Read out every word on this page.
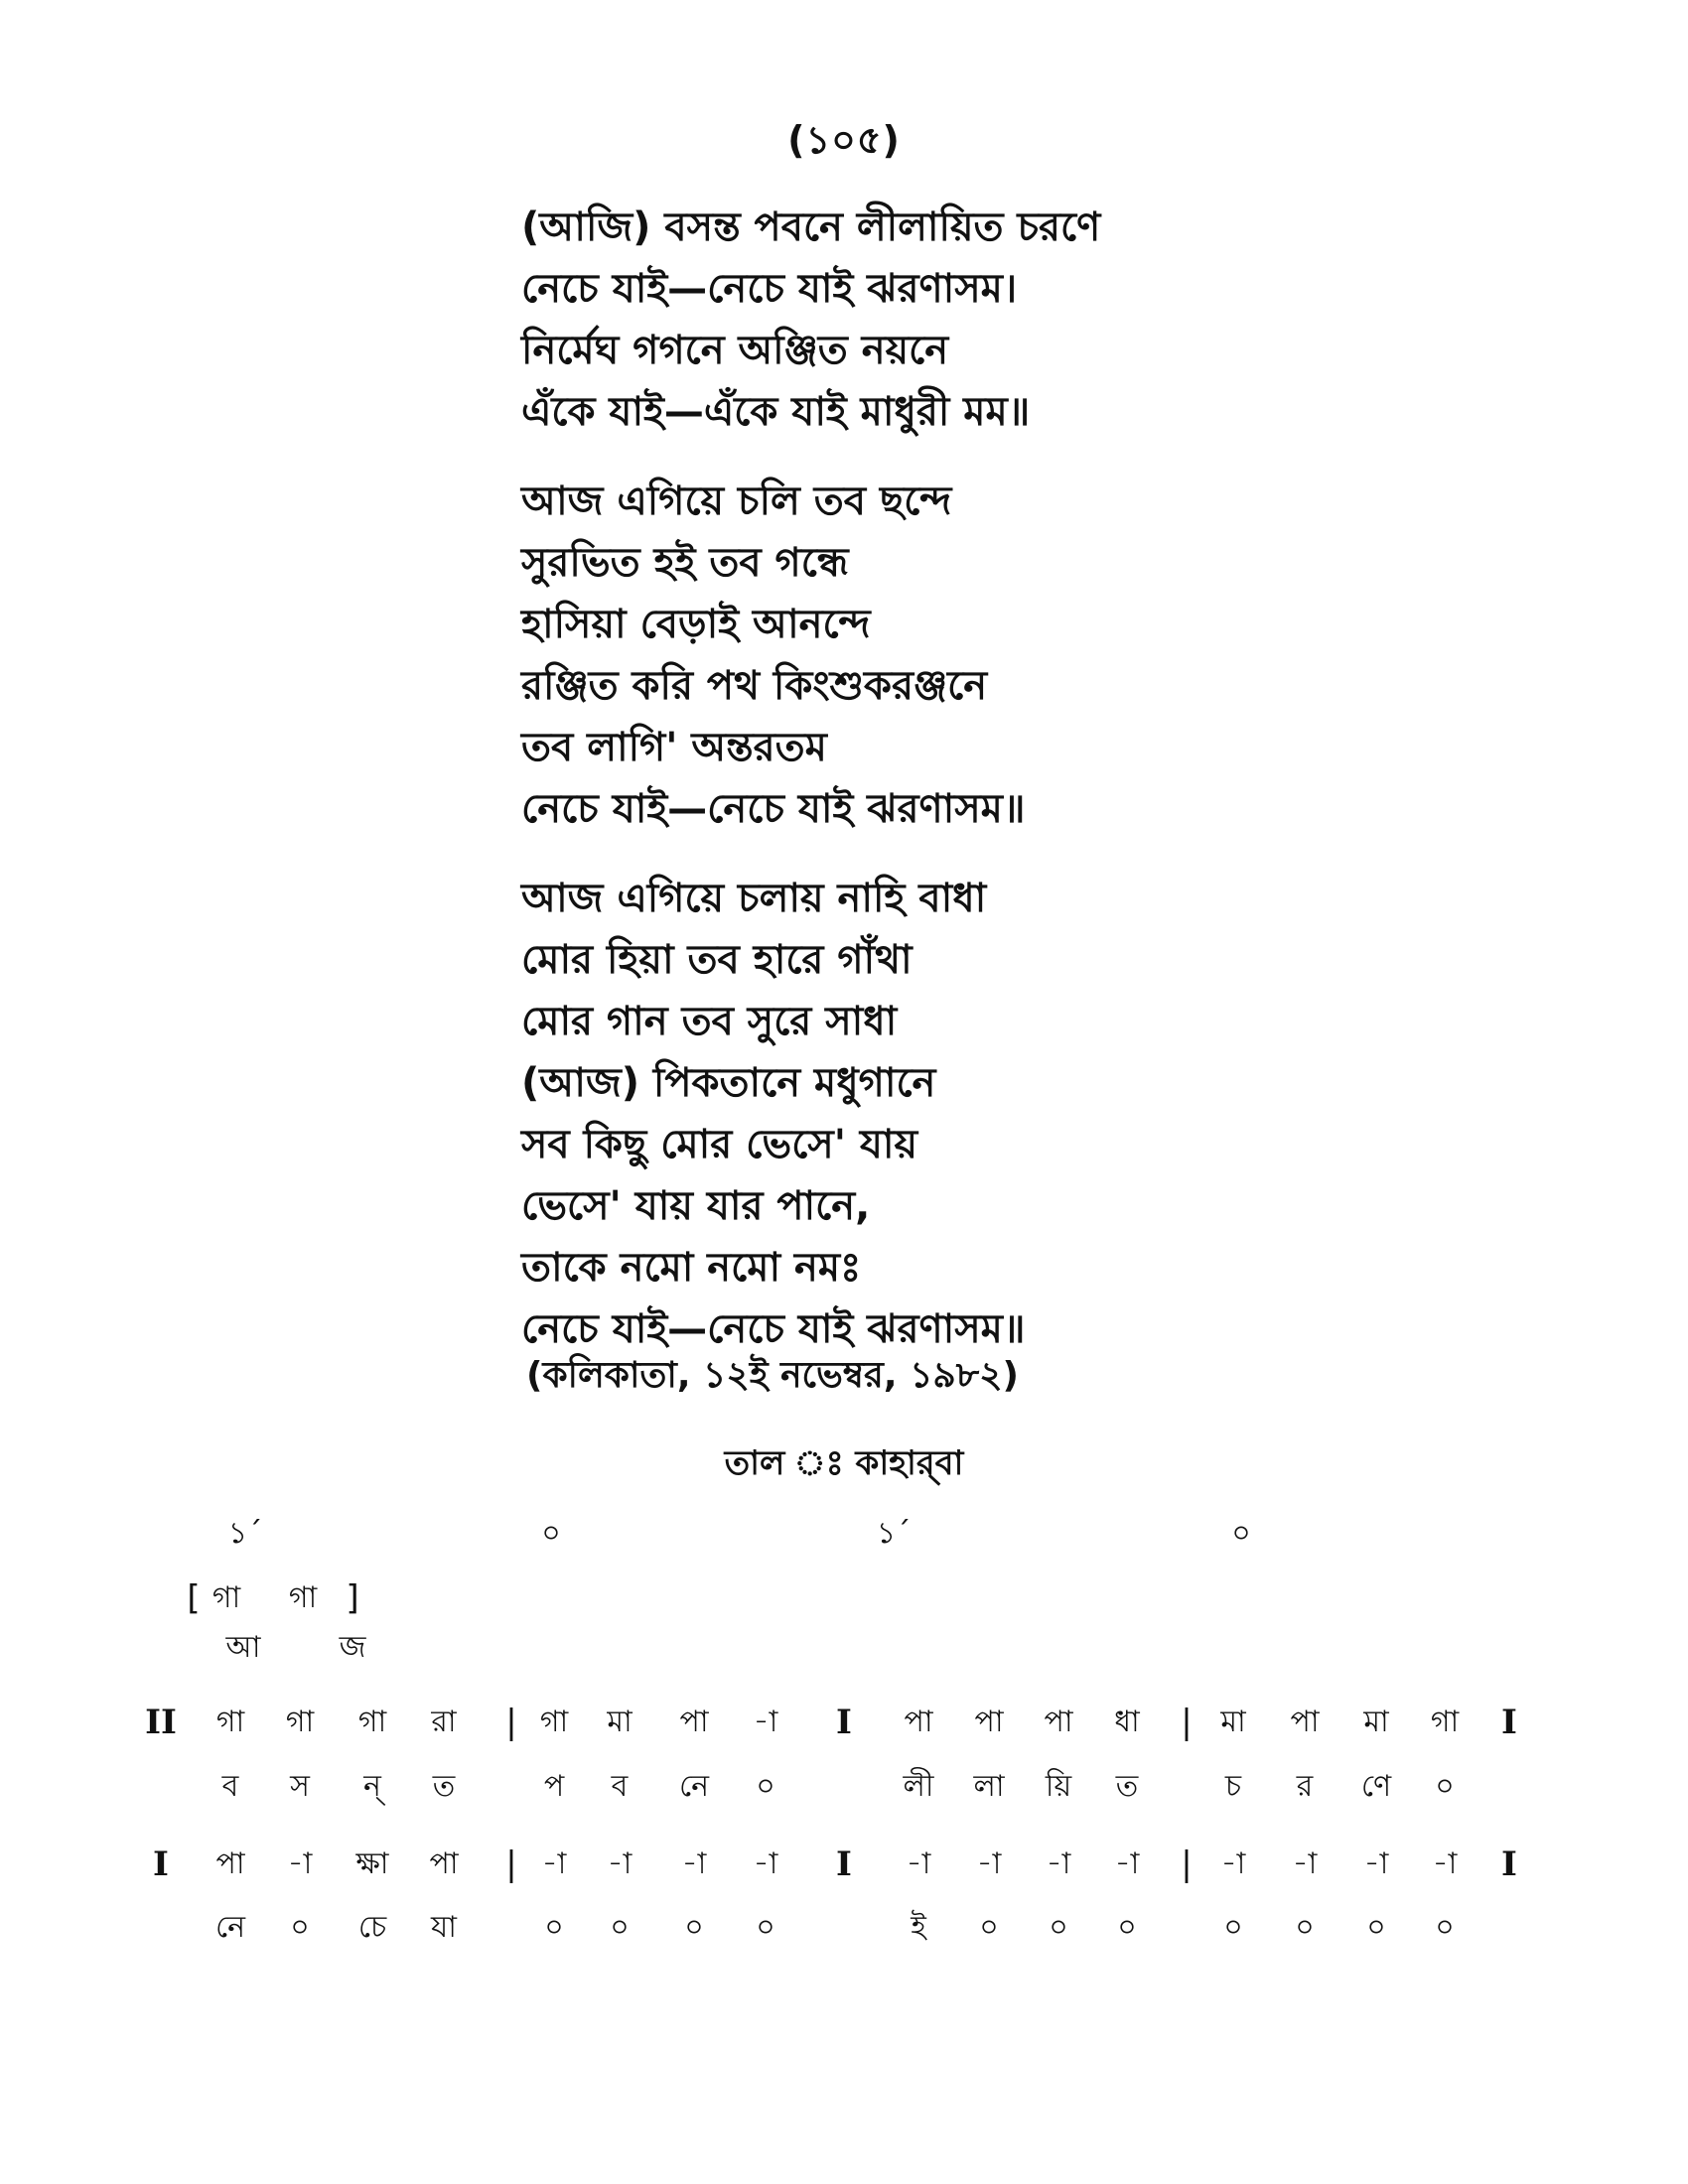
(১০৫)
(আজি) বসন্ত পবনে লীলায়িত চরণে
নেচে যাই—নেচে যাই ঝরণাসম।
নির্মেঘ গগনে অঞ্জিত নয়নে
এঁকে যাই—এঁকে যাই মাধুরী মম॥
আজ এগিয়ে চলি তব ছন্দে
সুরভিত হই তব গন্ধে
হাসিয়া বেড়াই আনন্দে
রঞ্জিত করি পথ কিংশুকরঞ্জনে
তব লাগি' অন্তরতম
নেচে যাই—নেচে যাই ঝরণাসম॥
আজ এগিয়ে চলায় নাহি বাধা
মোর হিয়া তব হারে গাঁথা
মোর গান তব সুরে সাধা
(আজ) পিকতানে মধুগানে
সব কিছু মোর ভেসে' যায়
ভেসে' যায় যার পানে,
তাকে নমো নমো নমঃ
নেচে যাই—নেচে যাই ঝরণাসম॥
(কলিকাতা, ১২ই নভেম্বর, ১৯৮২)
তাল ঃ কাহার্‌বা
১´	০	১´	০
[ গা গা ]
আ	জ
II গা গা গা রা | গা মা পা -া I পা পা পা ধা | মা পা মা গা I
ব স ন্‌ ত	প ব নে ০	লী লা য়ি ত	চ র ণে ০
I পা -া ক্ষা পা | -া -া -া -া I -া -া -া -া | -া -া -া -া I
নে ০ চে যা	০ ০ ০ ০	ই ০ ০ ০	০ ০ ০ ০
